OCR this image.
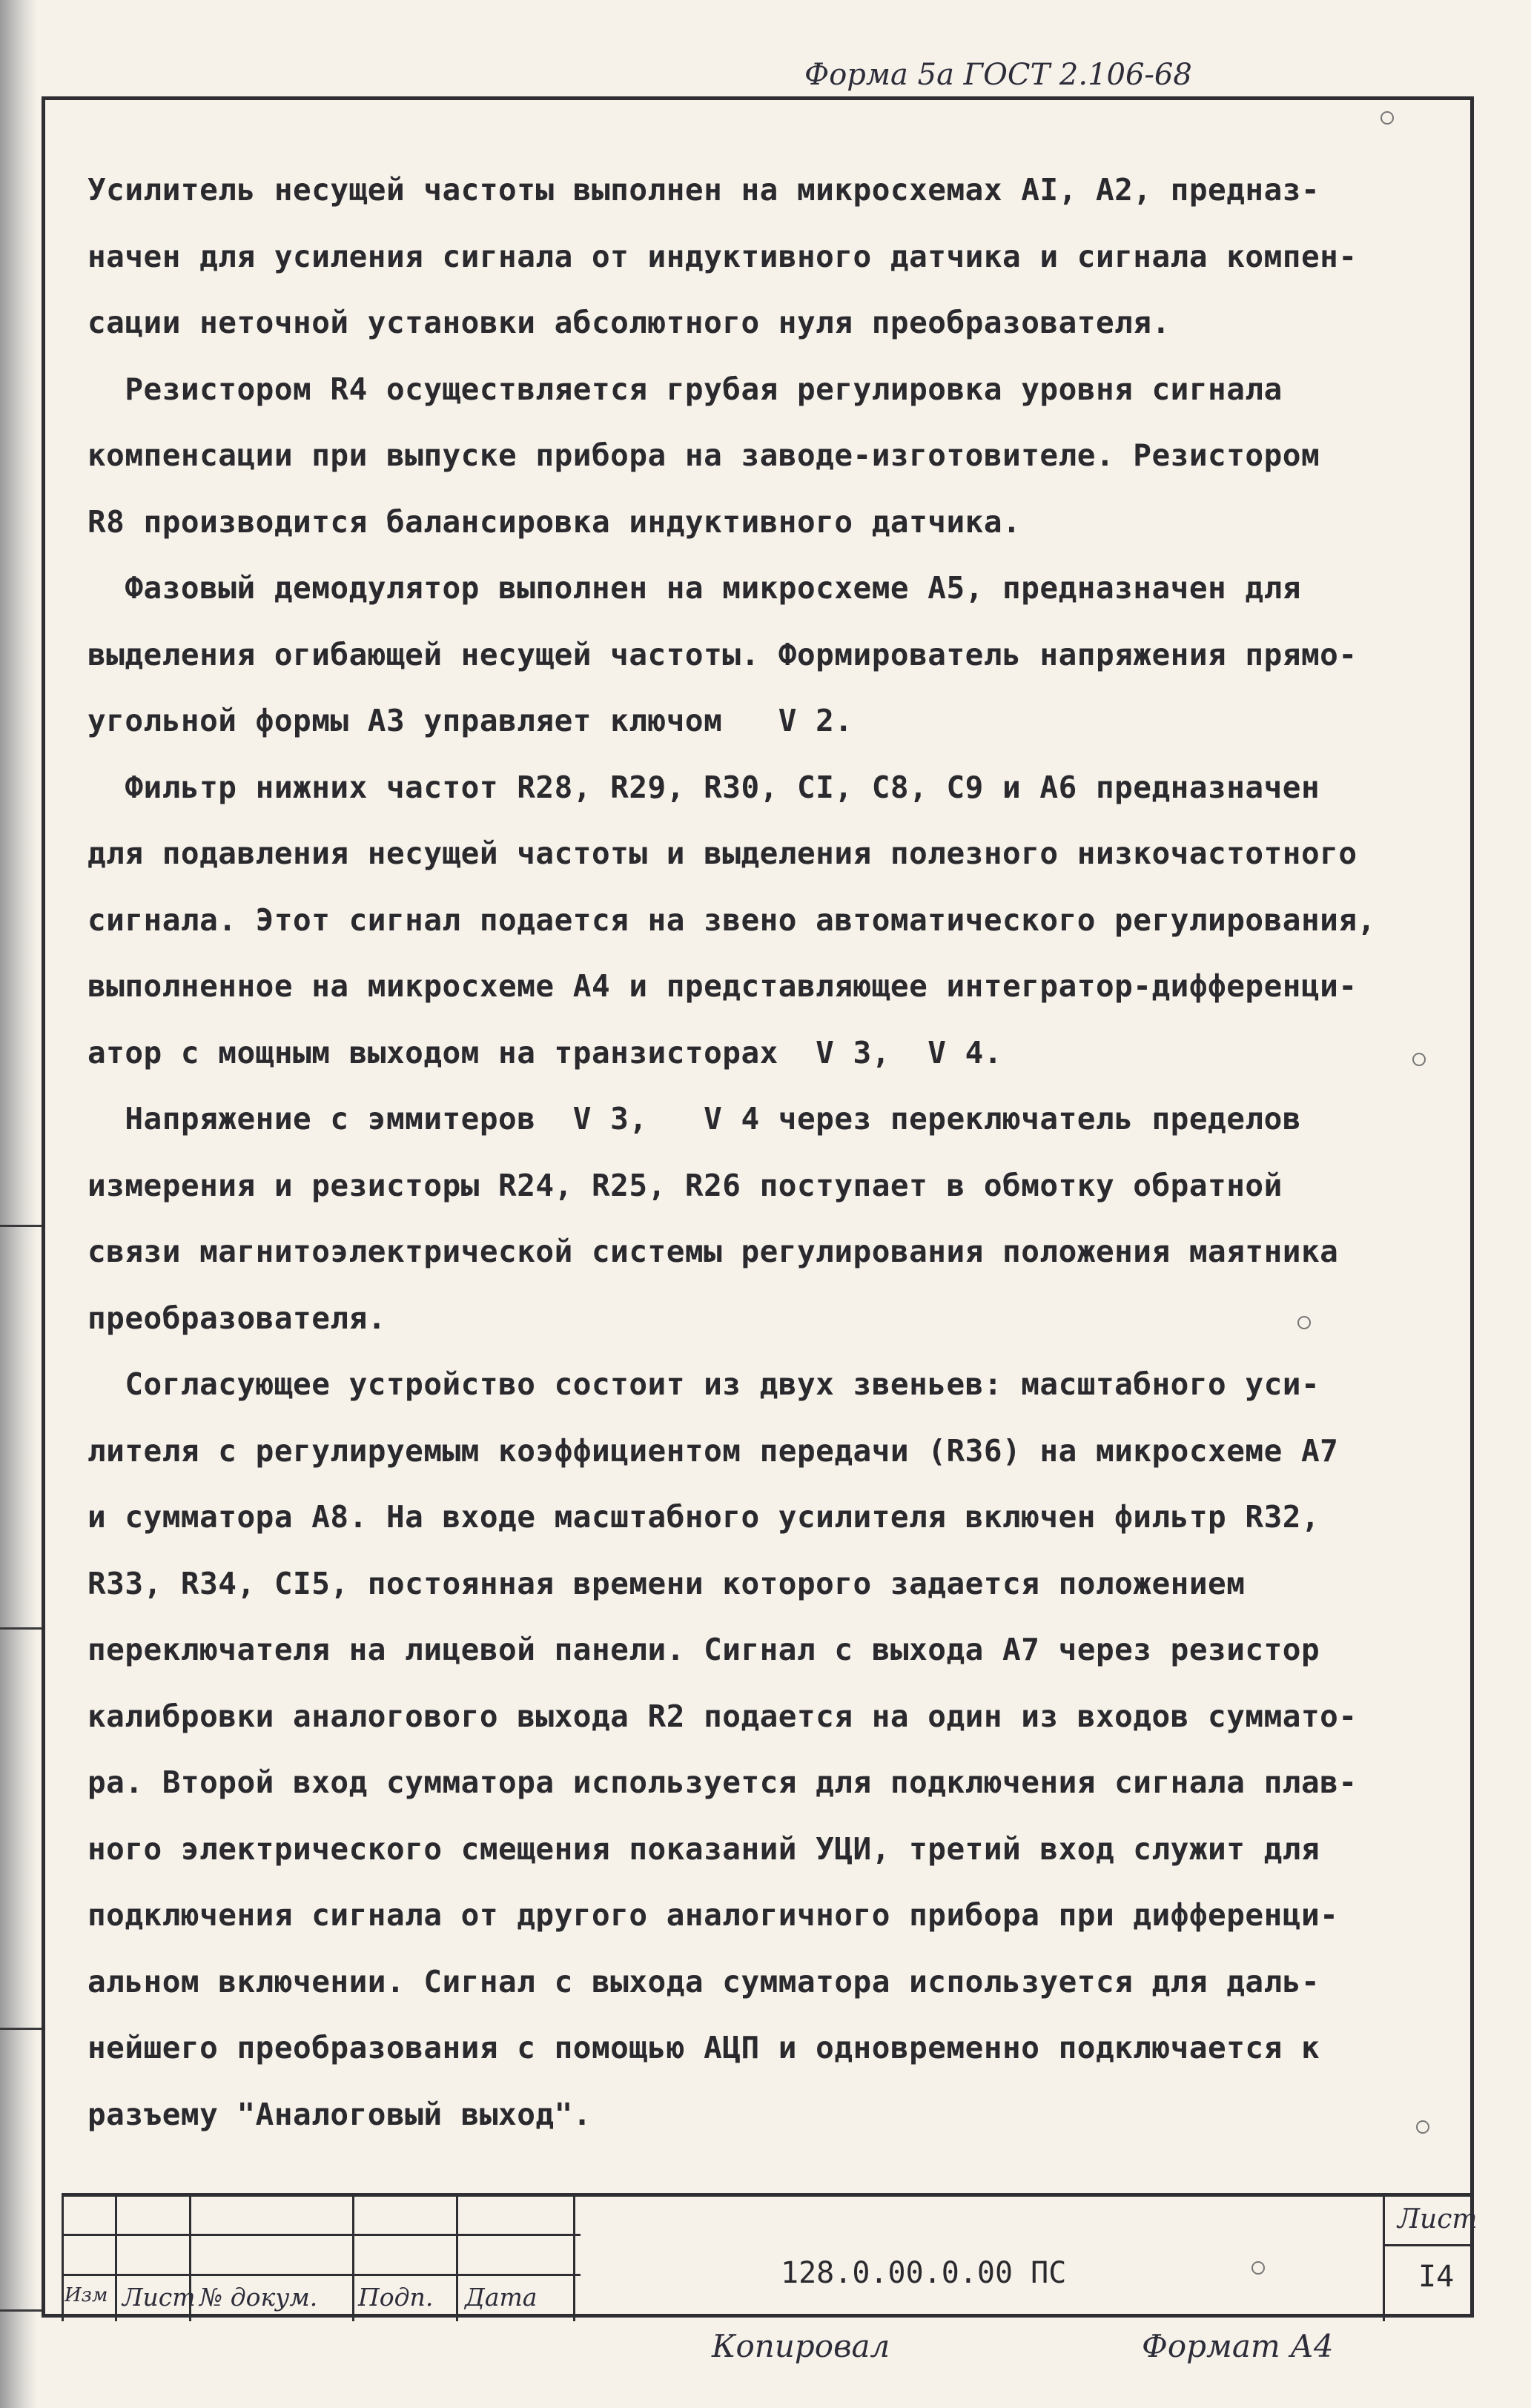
Форма 5а ГОСТ 2.106-68
Усилитель несущей частоты выполнен на микросхемах AI, A2, предназ-
начен для усиления сигнала от индуктивного датчика и сигнала компен-
сации неточной установки абсолютного нуля преобразователя.
Резистором R4 осуществляется грубая регулировка уровня сигнала
компенсации при выпуске прибора на заводе-изготовителе. Резистором
R8 производится балансировка индуктивного датчика.
Фазовый демодулятор выполнен на микросхеме А5, предназначен для
выделения огибающей несущей частоты. Формирователь напряжения прямо-
угольной формы А3 управляет ключом   V 2.
Фильтр нижних частот R28, R29, R30, CI, C8, C9 и А6 предназначен
для подавления несущей частоты и выделения полезного низкочастотного
сигнала. Этот сигнал подается на звено автоматического регулирования,
выполненное на микросхеме А4 и представляющее интегратор-дифференци-
атор с мощным выходом на транзисторах  V 3,  V 4.
Напряжение с эммитеров  V 3,   V 4 через переключатель пределов
измерения и резисторы R24, R25, R26 поступает в обмотку обратной
связи магнитоэлектрической системы регулирования положения маятника
преобразователя.
Согласующее устройство состоит из двух звеньев: масштабного уси-
лителя с регулируемым коэффициентом передачи (R36) на микросхеме А7
и сумматора А8. На входе масштабного усилителя включен фильтр R32,
R33, R34, CI5, постоянная времени которого задается положением
переключателя на лицевой панели. Сигнал с выхода А7 через резистор
калибровки аналогового выхода R2 подается на один из входов суммато-
ра. Второй вход сумматора используется для подключения сигнала плав-
ного электрического смещения показаний УЦИ, третий вход служит для
подключения сигнала от другого аналогичного прибора при дифференци-
альном включении. Сигнал с выхода сумматора используется для даль-
нейшего преобразования с помощью АЦП и одновременно подключается к
разъему "Аналоговый выход".
Изм Лист № докум. Подп. Дата
128.0.00.0.00 ПС
Лист
I4
Копировал	Формат А4
